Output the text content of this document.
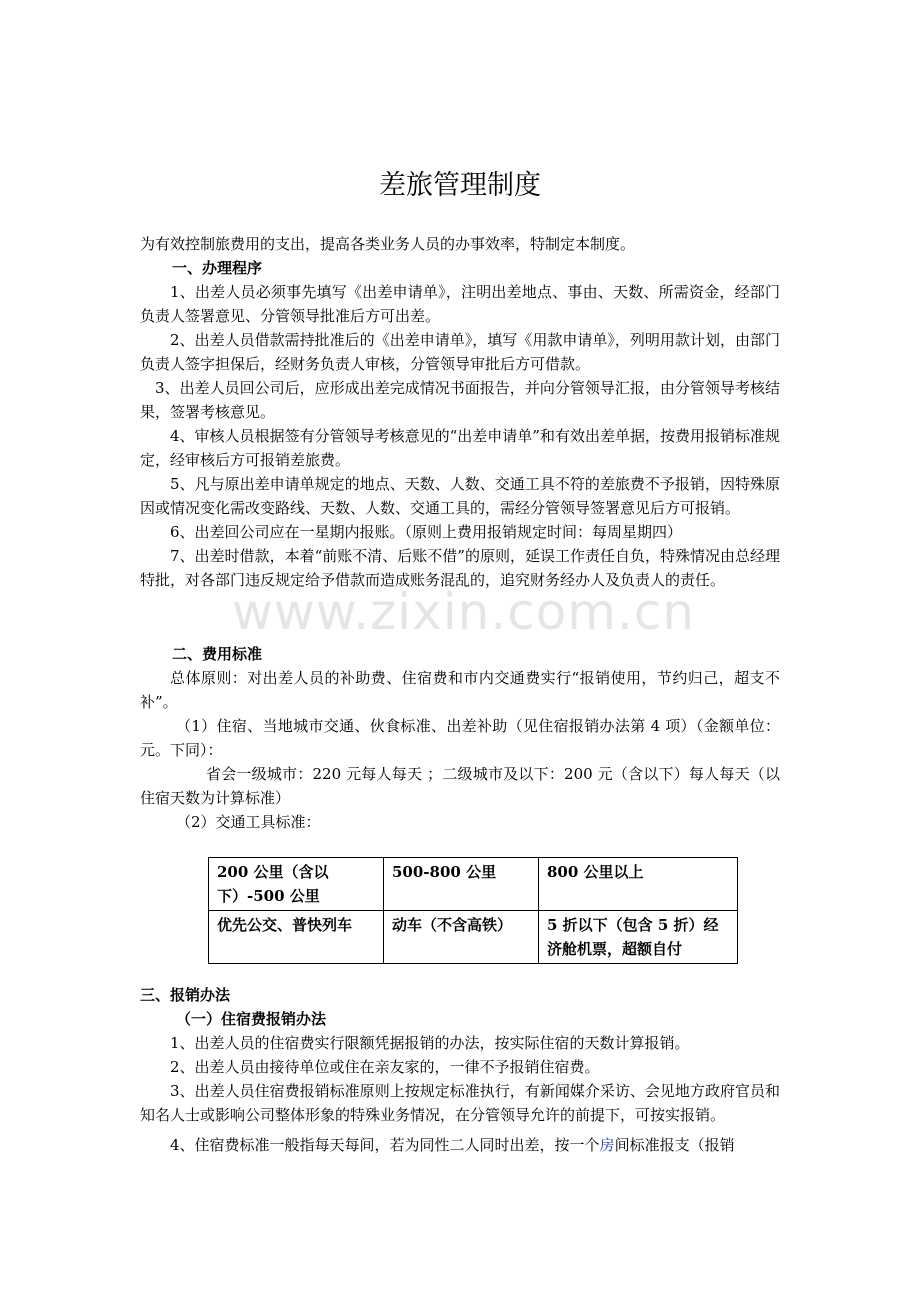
www.zixin.com.cn
差旅管理制度

为有效控制旅费用的支出，提高各类业务人员的办事效率，特制定本制度。

一、办理程序

1、出差人员必须事先填写《出差申请单》，注明出差地点、事由、天数、所需资金，经部门负责人签署意见、分管领导批准后方可出差。

2、出差人员借款需持批准后的《出差申请单》，填写《用款申请单》，列明用款计划，由部门负责人签字担保后，经财务负责人审核，分管领导审批后方可借款。

3、出差人员回公司后，应形成出差完成情况书面报告，并向分管领导汇报，由分管领导考核结果，签署考核意见。

4、审核人员根据签有分管领导考核意见的“出差申请单”和有效出差单据，按费用报销标准规定，经审核后方可报销差旅费。

5、凡与原出差申请单规定的地点、天数、人数、交通工具不符的差旅费不予报销，因特殊原因或情况变化需改变路线、天数、人数、交通工具的，需经分管领导签署意见后方可报销。

6、出差回公司应在一星期内报账。（原则上费用报销规定时间：每周星期四）

7、出差时借款，本着“前账不清、后账不借”的原则，延误工作责任自负，特殊情况由总经理特批，对各部门违反规定给予借款而造成账务混乱的，追究财务经办人及负责人的责任。

二、费用标准

总体原则：对出差人员的补助费、住宿费和市内交通费实行“报销使用，节约归己，超支不补”。

（1）住宿、当地城市交通、伙食标准、出差补助（见住宿报销办法第 4 项）（金额单位：元。下同）：

省会一级城市：220 元每人每天 ；二级城市及以下：200 元（含以下）每人每天（以住宿天数为计算标准）

（2）交通工具标准：

200 公里（含以下）-500 公里	500-800 公里	800 公里以上
优先公交、普快列车	动车（不含高铁）	5 折以下（包含 5 折）经济舱机票，超额自付

三、报销办法

（一）住宿费报销办法

1、出差人员的住宿费实行限额凭据报销的办法，按实际住宿的天数计算报销。

2、出差人员由接待单位或住在亲友家的，一律不予报销住宿费。

3、出差人员住宿费报销标准原则上按规定标准执行，有新闻媒介采访、会见地方政府官员和知名人士或影响公司整体形象的特殊业务情况，在分管领导允许的前提下，可按实报销。

4、住宿费标准一般指每天每间，若为同性二人同时出差，按一个房间标准报支（报销
